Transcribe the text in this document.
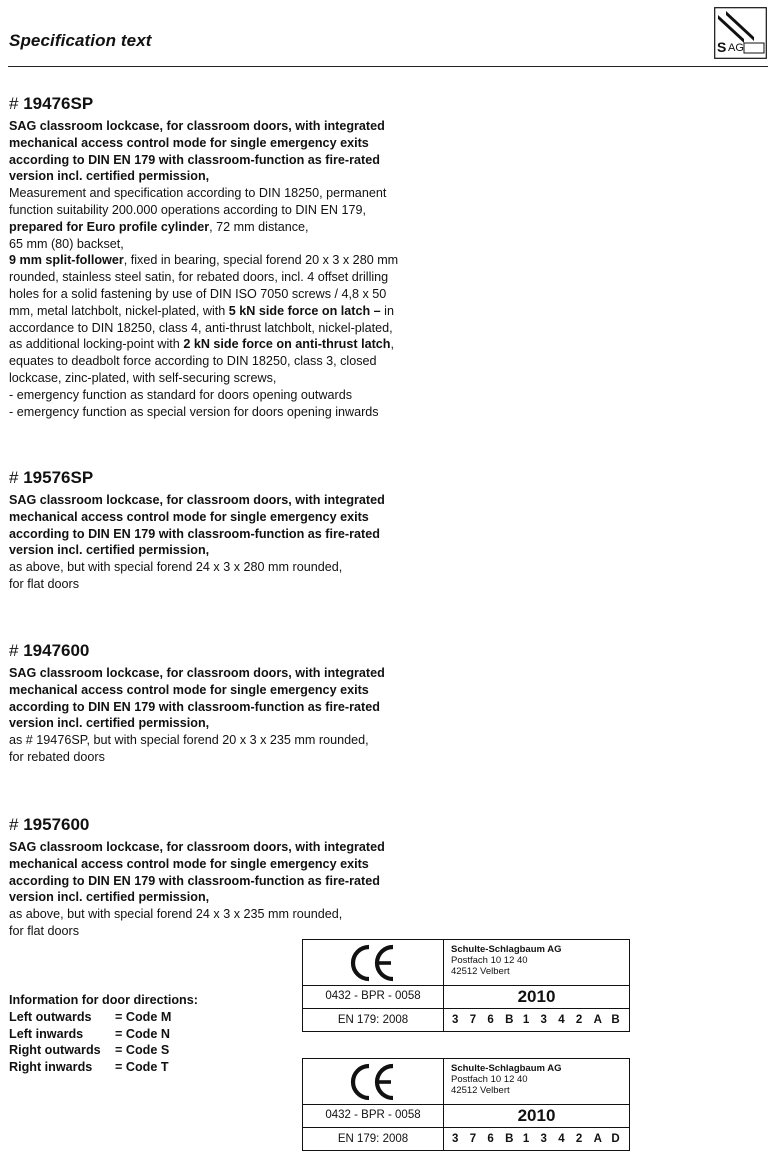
Specification text	S AG
# 19476SP
SAG classroom lockcase, for classroom doors, with integrated
mechanical access control mode for single emergency exits
according to DIN EN 179 with classroom-function as fire-rated
version incl. certified permission,
Measurement and specification according to DIN 18250, permanent
function suitability 200.000 operations according to DIN EN 179,
prepared for Euro profile cylinder, 72 mm distance,
65 mm (80) backset,
9 mm split-follower, fixed in bearing, special forend 20 x 3 x 280 mm
rounded, stainless steel satin, for rebated doors, incl. 4 offset drilling
holes for a solid fastening by use of DIN ISO 7050 screws / 4,8 x 50
mm, metal latchbolt, nickel-plated, with 5 kN side force on latch – in
accordance to DIN 18250, class 4, anti-thrust latchbolt, nickel-plated,
as additional locking-point with 2 kN side force on anti-thrust latch,
equates to deadbolt force according to DIN 18250, class 3, closed
lockcase, zinc-plated, with self-securing screws,
- emergency function as standard for doors opening outwards
- emergency function as special version for doors opening inwards
# 19576SP
SAG classroom lockcase, for classroom doors, with integrated
mechanical access control mode for single emergency exits
according to DIN EN 179 with classroom-function as fire-rated
version incl. certified permission,
as above, but with special forend 24 x 3 x 280 mm rounded,
for flat doors
# 1947600
SAG classroom lockcase, for classroom doors, with integrated
mechanical access control mode for single emergency exits
according to DIN EN 179 with classroom-function as fire-rated
version incl. certified permission,
as # 19476SP, but with special forend 20 x 3 x 235 mm rounded,
for rebated doors
# 1957600
SAG classroom lockcase, for classroom doors, with integrated
mechanical access control mode for single emergency exits
according to DIN EN 179 with classroom-function as fire-rated
version incl. certified permission,
as above, but with special forend 24 x 3 x 235 mm rounded,
for flat doors
Information for door directions:
Left outwards	= Code M
Left inwards	= Code N
Right outwards	= Code S
Right inwards	= Code T
Schulte-Schlagbaum AG
Postfach 10 12 40
42512 Velbert
0432 - BPR - 0058	2010
EN 179: 2008	3 7 6 B 1 3 4 2 A B
Schulte-Schlagbaum AG
Postfach 10 12 40
42512 Velbert
0432 - BPR - 0058	2010
EN 179: 2008	3 7 6 B 1 3 4 2 A D
